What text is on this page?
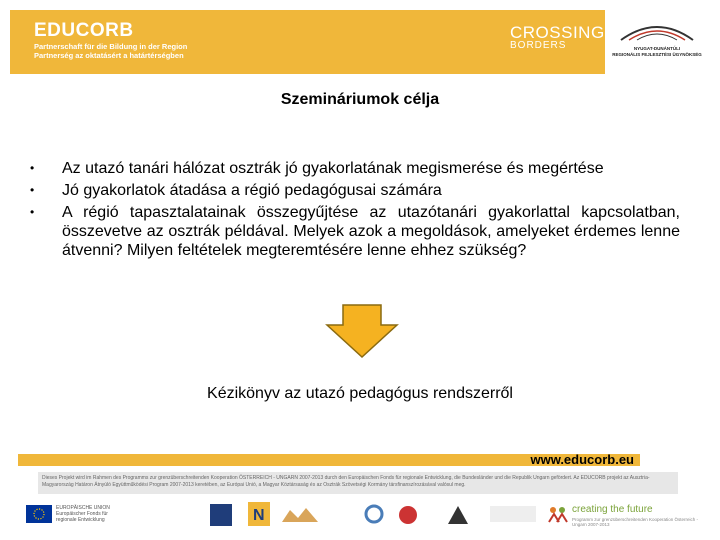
EDUCORB
Partnerschaft für die Bildung in der Region
Partnerség az oktatásért a határtérségben
CROSSING
BORDERS	NYUGAT-DUNÁNTÚLI
REGIONÁLIS FEJLESZTÉSI ÜGYNÖKSÉG
Szemináriumok célja
• Az utazó tanári hálózat osztrák jó gyakorlatának megismerése és megértése
• Jó gyakorlatok átadása a régió pedagógusai számára
• A régió tapasztalatainak összegyűjtése az utazótanári gyakorlattal kapcsolatban, összevetve az osztrák példával. Melyek azok a megoldások, amelyeket érdemes lenne átvenni? Milyen feltételek megteremtésére lenne ehhez szükség?
Kézikönyv az utazó pedagógus rendszerről
www.educorb.eu
Dieses Projekt wird im Rahmen des Programms zur grenzüberschreitenden Kooperation ÖSTERREICH - UNGARN 2007-2013 durch den Europäischen Fonds für regionale Entwicklung, die Bundesländer und die Republik Ungarn gefördert. Az EDUCORB projekt az Ausztria-Magyarország Határon Átnyúló Együttműködési Program 2007-2013 keretében, az Európai Unió, a Magyar Köztársaság és az Osztrák Szövetségi Kormány társfinanszírozásával valósul meg.
EUROPÄISCHE UNION Europäischer Fonds für regionale Entwicklung	N	creating the future
Programm zur grenzüberschreitenden Kooperation Österreich - Ungarn 2007-2013
